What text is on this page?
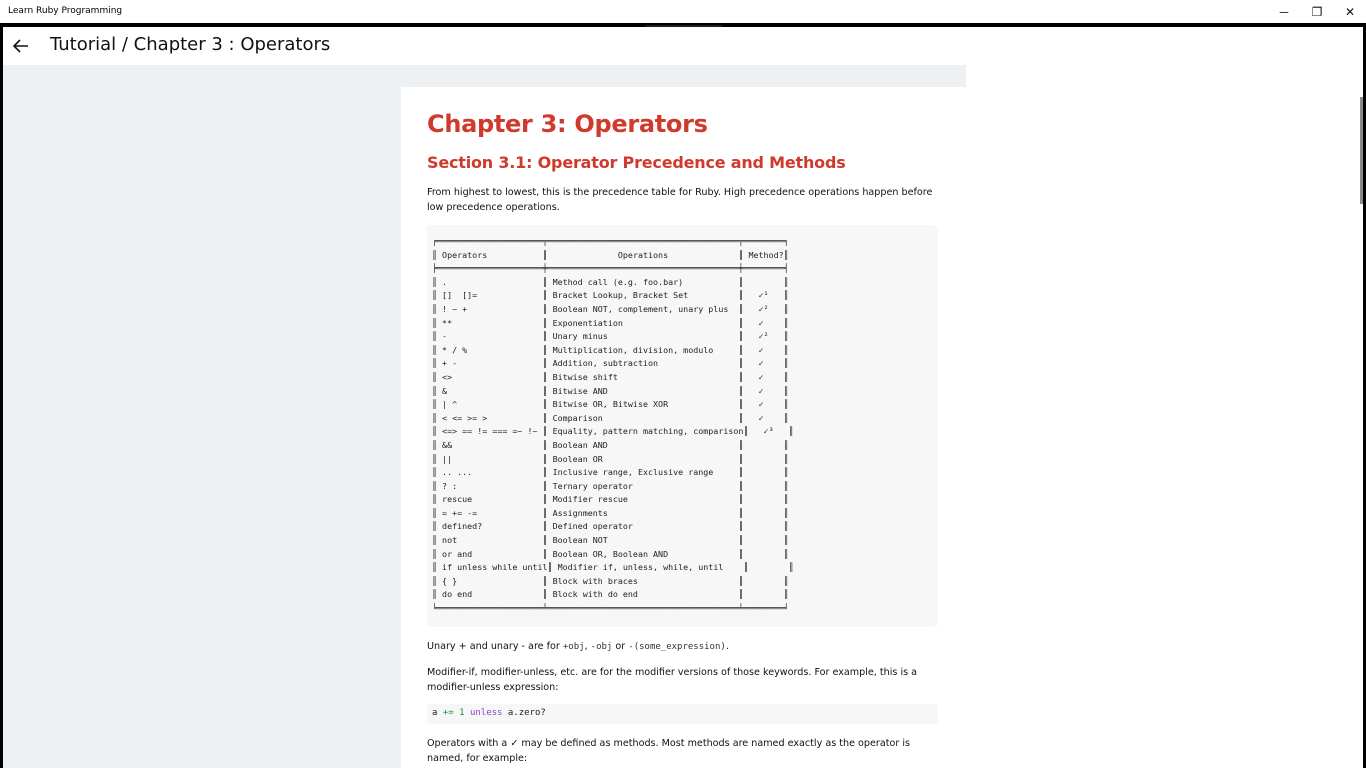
Learn Ruby Programming	─	❐	✕
Tutorial / Chapter 3 : Operators
Chapter 3: Operators
Section 3.1: Operator Precedence and Methods

From highest to lowest, this is the precedence table for Ruby. High precedence operations happen before low precedence operations.

╒═════════════════════╤══════════════════════════════════════╤════════╕
║ Operators           ║              Operations              ║ Method?║
╞═════════════════════╪══════════════════════════════════════╪════════╡
║ .                   ║ Method call (e.g. foo.bar)           ║	║
║ []  []=             ║ Bracket Lookup, Bracket Set          ║   ✓¹   ║
║ ! ~ +               ║ Boolean NOT, complement, unary plus  ║   ✓²   ║
║ **                  ║ Exponentiation                       ║   ✓    ║
║ -                   ║ Unary minus                          ║   ✓²   ║
║ * / %               ║ Multiplication, division, modulo     ║   ✓    ║
║ + -                 ║ Addition, subtraction                ║   ✓    ║
║ <>                  ║ Bitwise shift                        ║   ✓    ║
║ &                   ║ Bitwise AND                          ║   ✓    ║
║ | ^                 ║ Bitwise OR, Bitwise XOR              ║   ✓    ║
║ < <= >= >           ║ Comparison                           ║   ✓    ║
║ <=> == != === =~ !~ ║ Equality, pattern matching, comparison║   ✓³   ║
║ &&                  ║ Boolean AND                          ║	║
║ ||                  ║ Boolean OR                           ║	║
║ .. ...              ║ Inclusive range, Exclusive range     ║	║
║ ? :                 ║ Ternary operator                     ║	║
║ rescue              ║ Modifier rescue                      ║	║
║ = += -=             ║ Assignments                          ║	║
║ defined?            ║ Defined operator                     ║	║
║ not                 ║ Boolean NOT                          ║	║
║ or and              ║ Boolean OR, Boolean AND              ║	║
║ if unless while until║ Modifier if, unless, while, until    ║	║
║ { }                 ║ Block with braces                    ║	║
║ do end              ║ Block with do end                    ║	║
╘═════════════════════╧══════════════════════════════════════╧════════╛

Unary + and unary - are for +obj, -obj or -(some_expression).

Modifier-if, modifier-unless, etc. are for the modifier versions of those keywords. For example, this is a modifier-unless expression:

a += 1 unless a.zero?

Operators with a ✓ may be defined as methods. Most methods are named exactly as the operator is named, for example:
